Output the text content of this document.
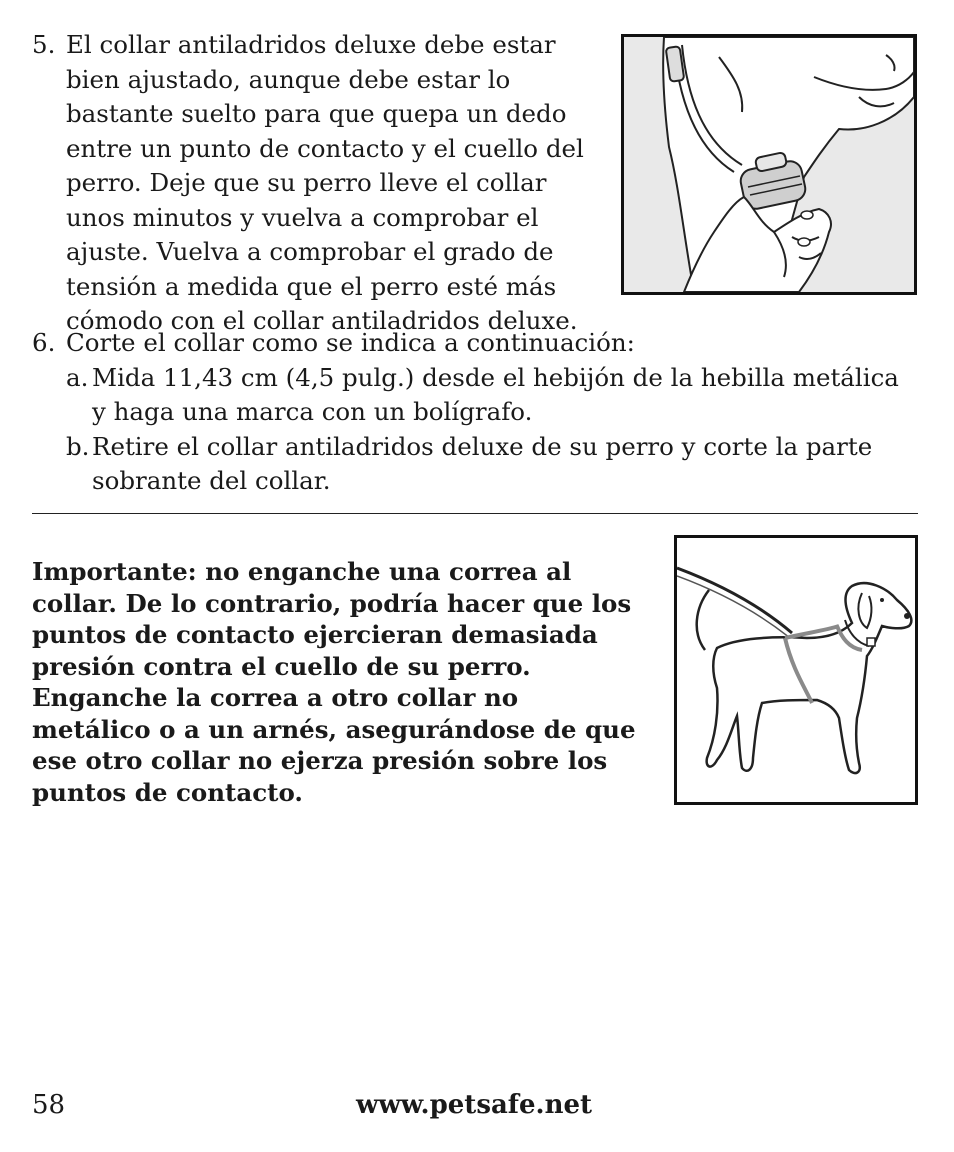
5. El collar antiladridos deluxe debe estar bien ajustado, aunque debe estar lo bastante suelto para que quepa un dedo entre un punto de contacto y el cuello del perro. Deje que su perro lleve el collar unos minutos y vuelva a comprobar el ajuste. Vuelva a comprobar el grado de tensión a medida que el perro esté más cómodo con el collar antiladridos deluxe.
6. Corte el collar como se indica a continuación:
a. Mida 11,43 cm (4,5 pulg.) desde el hebijón de la hebilla metálica y haga una marca con un bolígrafo.
b. Retire el collar antiladridos deluxe de su perro y corte la parte sobrante del collar.
Importante: no enganche una correa al collar. De lo contrario, podría hacer que los puntos de contacto ejercieran demasiada presión contra el cuello de su perro. Enganche la correa a otro collar no metálico o a un arnés, asegurándose de que ese otro collar no ejerza presión sobre los puntos de contacto.
58	www.petsafe.net
